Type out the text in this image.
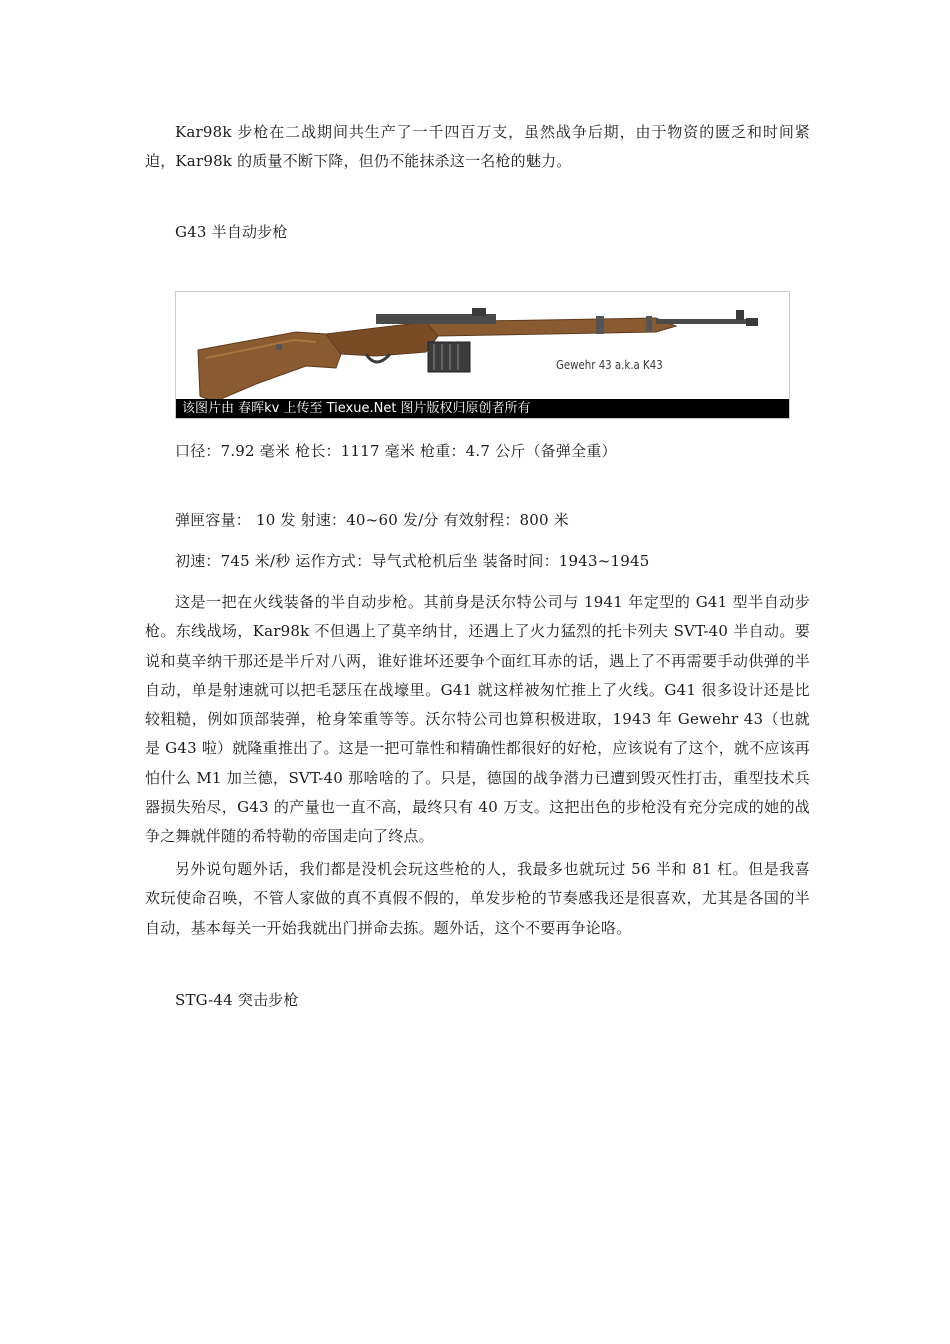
Kar98k 步枪在二战期间共生产了一千四百万支，虽然战争后期，由于物资的匮乏和时间紧迫，Kar98k 的质量不断下降，但仍不能抹杀这一名枪的魅力。

G43 半自动步枪
Gewehr 43 a.k.a K43
该图片由 春晖kv 上传至 Tiexue.Net 图片版权归原创者所有
口径：7.92 毫米 枪长：1117 毫米 枪重：4.7 公斤（备弹全重）
弹匣容量： 10 发 射速：40~60 发/分 有效射程：800 米
初速：745 米/秒 运作方式：导气式枪机后坐 装备时间：1943~1945

这是一把在火线装备的半自动步枪。其前身是沃尔特公司与 1941 年定型的 G41 型半自动步枪。东线战场，Kar98k 不但遇上了莫辛纳甘，还遇上了火力猛烈的托卡列夫 SVT-40 半自动。要说和莫辛纳干那还是半斤对八两，谁好谁坏还要争个面红耳赤的话，遇上了不再需要手动供弹的半自动，单是射速就可以把毛瑟压在战壕里。G41 就这样被匆忙推上了火线。G41 很多设计还是比较粗糙，例如顶部装弹，枪身笨重等等。沃尔特公司也算积极进取，1943 年 Gewehr 43（也就是 G43 啦）就隆重推出了。这是一把可靠性和精确性都很好的好枪，应该说有了这个，就不应该再怕什么 M1 加兰德，SVT-40 那啥啥的了。只是，德国的战争潜力已遭到毁灭性打击，重型技术兵器损失殆尽，G43 的产量也一直不高，最终只有 40 万支。这把出色的步枪没有充分完成的她的战争之舞就伴随的希特勒的帝国走向了终点。

另外说句题外话，我们都是没机会玩这些枪的人，我最多也就玩过 56 半和 81 杠。但是我喜欢玩使命召唤，不管人家做的真不真假不假的，单发步枪的节奏感我还是很喜欢，尤其是各国的半自动，基本每关一开始我就出门拼命去拣。题外话，这个不要再争论咯。

STG-44 突击步枪
